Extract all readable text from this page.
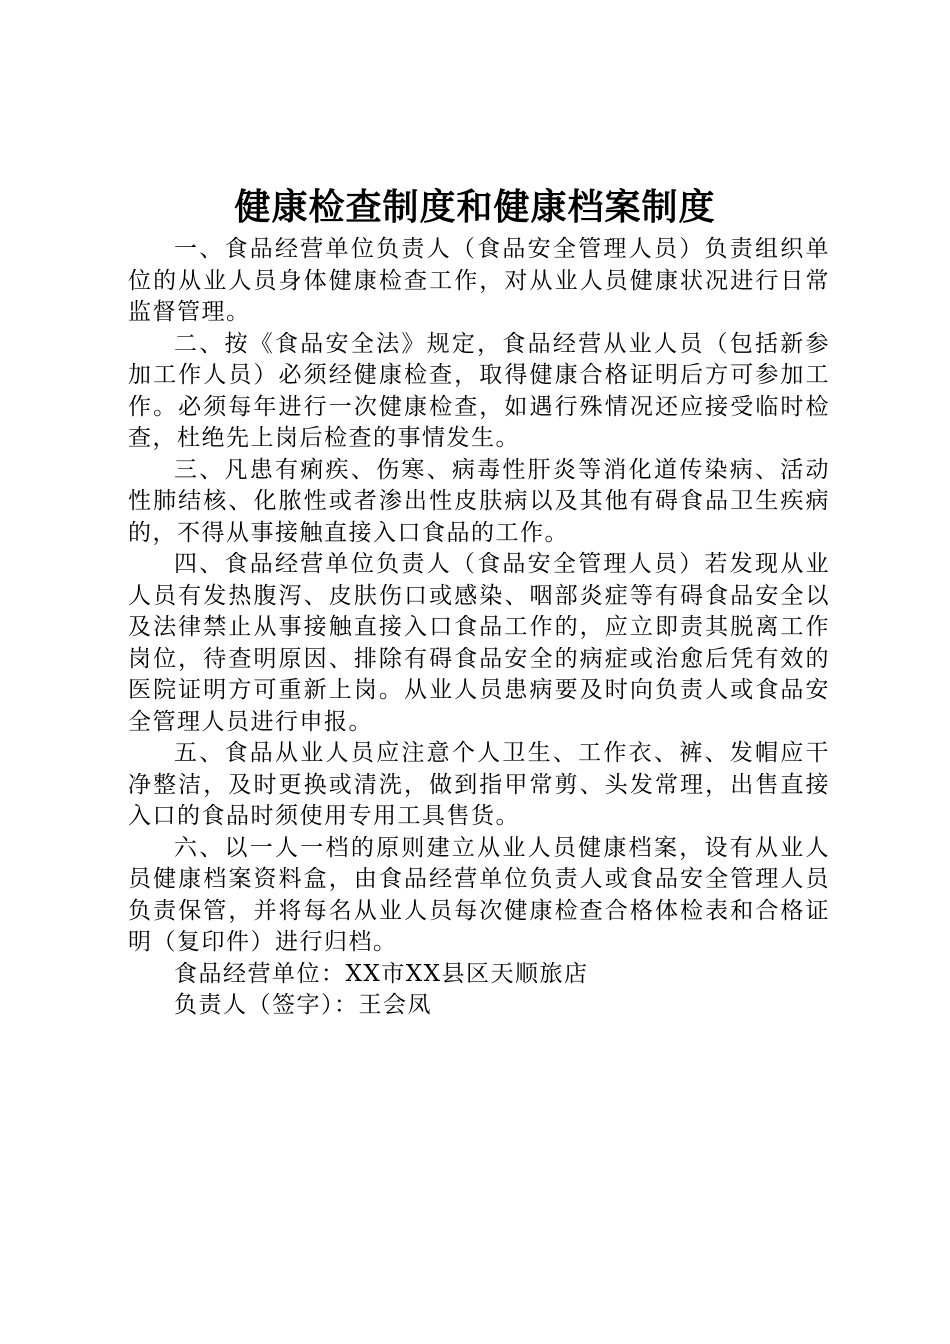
健康检查制度和健康档案制度

一、食品经营单位负责人（食品安全管理人员）负责组织单位的从业人员身体健康检查工作，对从业人员健康状况进行日常监督管理。

二、按《食品安全法》规定，食品经营从业人员（包括新参加工作人员）必须经健康检查，取得健康合格证明后方可参加工作。必须每年进行一次健康检查，如遇行殊情况还应接受临时检查，杜绝先上岗后检查的事情发生。

三、凡患有痢疾、伤寒、病毒性肝炎等消化道传染病、活动性肺结核、化脓性或者渗出性皮肤病以及其他有碍食品卫生疾病的，不得从事接触直接入口食品的工作。

四、食品经营单位负责人（食品安全管理人员）若发现从业人员有发热腹泻、皮肤伤口或感染、咽部炎症等有碍食品安全以及法律禁止从事接触直接入口食品工作的，应立即责其脱离工作岗位，待查明原因、排除有碍食品安全的病症或治愈后凭有效的医院证明方可重新上岗。从业人员患病要及时向负责人或食品安全管理人员进行申报。

五、食品从业人员应注意个人卫生、工作衣、裤、发帽应干净整洁，及时更换或清洗，做到指甲常剪、头发常理，出售直接入口的食品时须使用专用工具售货。

六、以一人一档的原则建立从业人员健康档案，设有从业人员健康档案资料盒，由食品经营单位负责人或食品安全管理人员负责保管，并将每名从业人员每次健康检查合格体检表和合格证明（复印件）进行归档。

食品经营单位：XX市XX县区天顺旅店

负责人（签字）：王会凤
